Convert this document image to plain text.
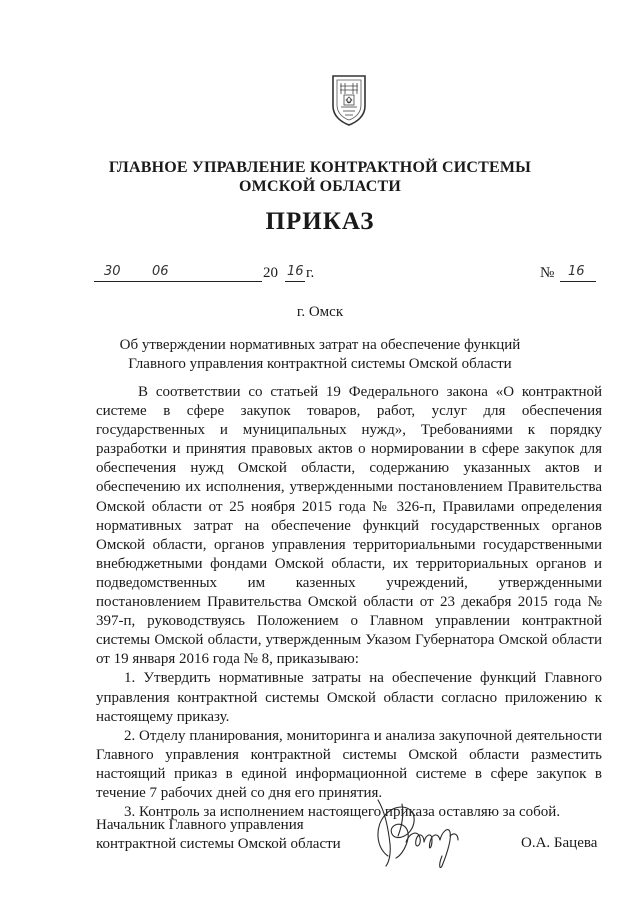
Ѡ
ГЛАВНОЕ УПРАВЛЕНИЕ КОНТРАКТНОЙ СИСТЕМЫ
ОМСКОЙ ОБЛАСТИ
ПРИКАЗ
30 06	20 16 г.	№ 16
г. Омск
Об утверждении нормативных затрат на обеспечение функций
Главного управления контрактной системы Омской области

В соответствии со статьей 19 Федерального закона «О контрактной системе в сфере закупок товаров, работ, услуг для обеспечения государственных и муниципальных нужд», Требованиями к порядку разработки и принятия правовых актов о нормировании в сфере закупок для обеспечения нужд Омской области, содержанию указанных актов и обеспечению их исполнения, утвержденными постановлением Правительства Омской области от 25 ноября 2015 года № 326-п, Правилами определения нормативных затрат на обеспечение функций государственных органов Омской области, органов управления территориальными государственными внебюджетными фондами Омской области, их территориальных органов и подведомственных им казенных учреждений, утвержденными постановлением Правительства Омской области от 23 декабря 2015 года № 397-п, руководствуясь Положением о Главном управлении контрактной системы Омской области, утвержденным Указом Губернатора Омской области от 19 января 2016 года № 8, приказываю:

1. Утвердить нормативные затраты на обеспечение функций Главного управления контрактной системы Омской области согласно приложению к настоящему приказу.

2. Отделу планирования, мониторинга и анализа закупочной деятельности Главного управления контрактной системы Омской области разместить настоящий приказ в единой информационной системе в сфере закупок в течение 7 рабочих дней со дня его принятия.

3. Контроль за исполнением настоящего приказа оставляю за собой.

Начальник Главного управления
контрактной системы Омской области	О.А. Бацева
